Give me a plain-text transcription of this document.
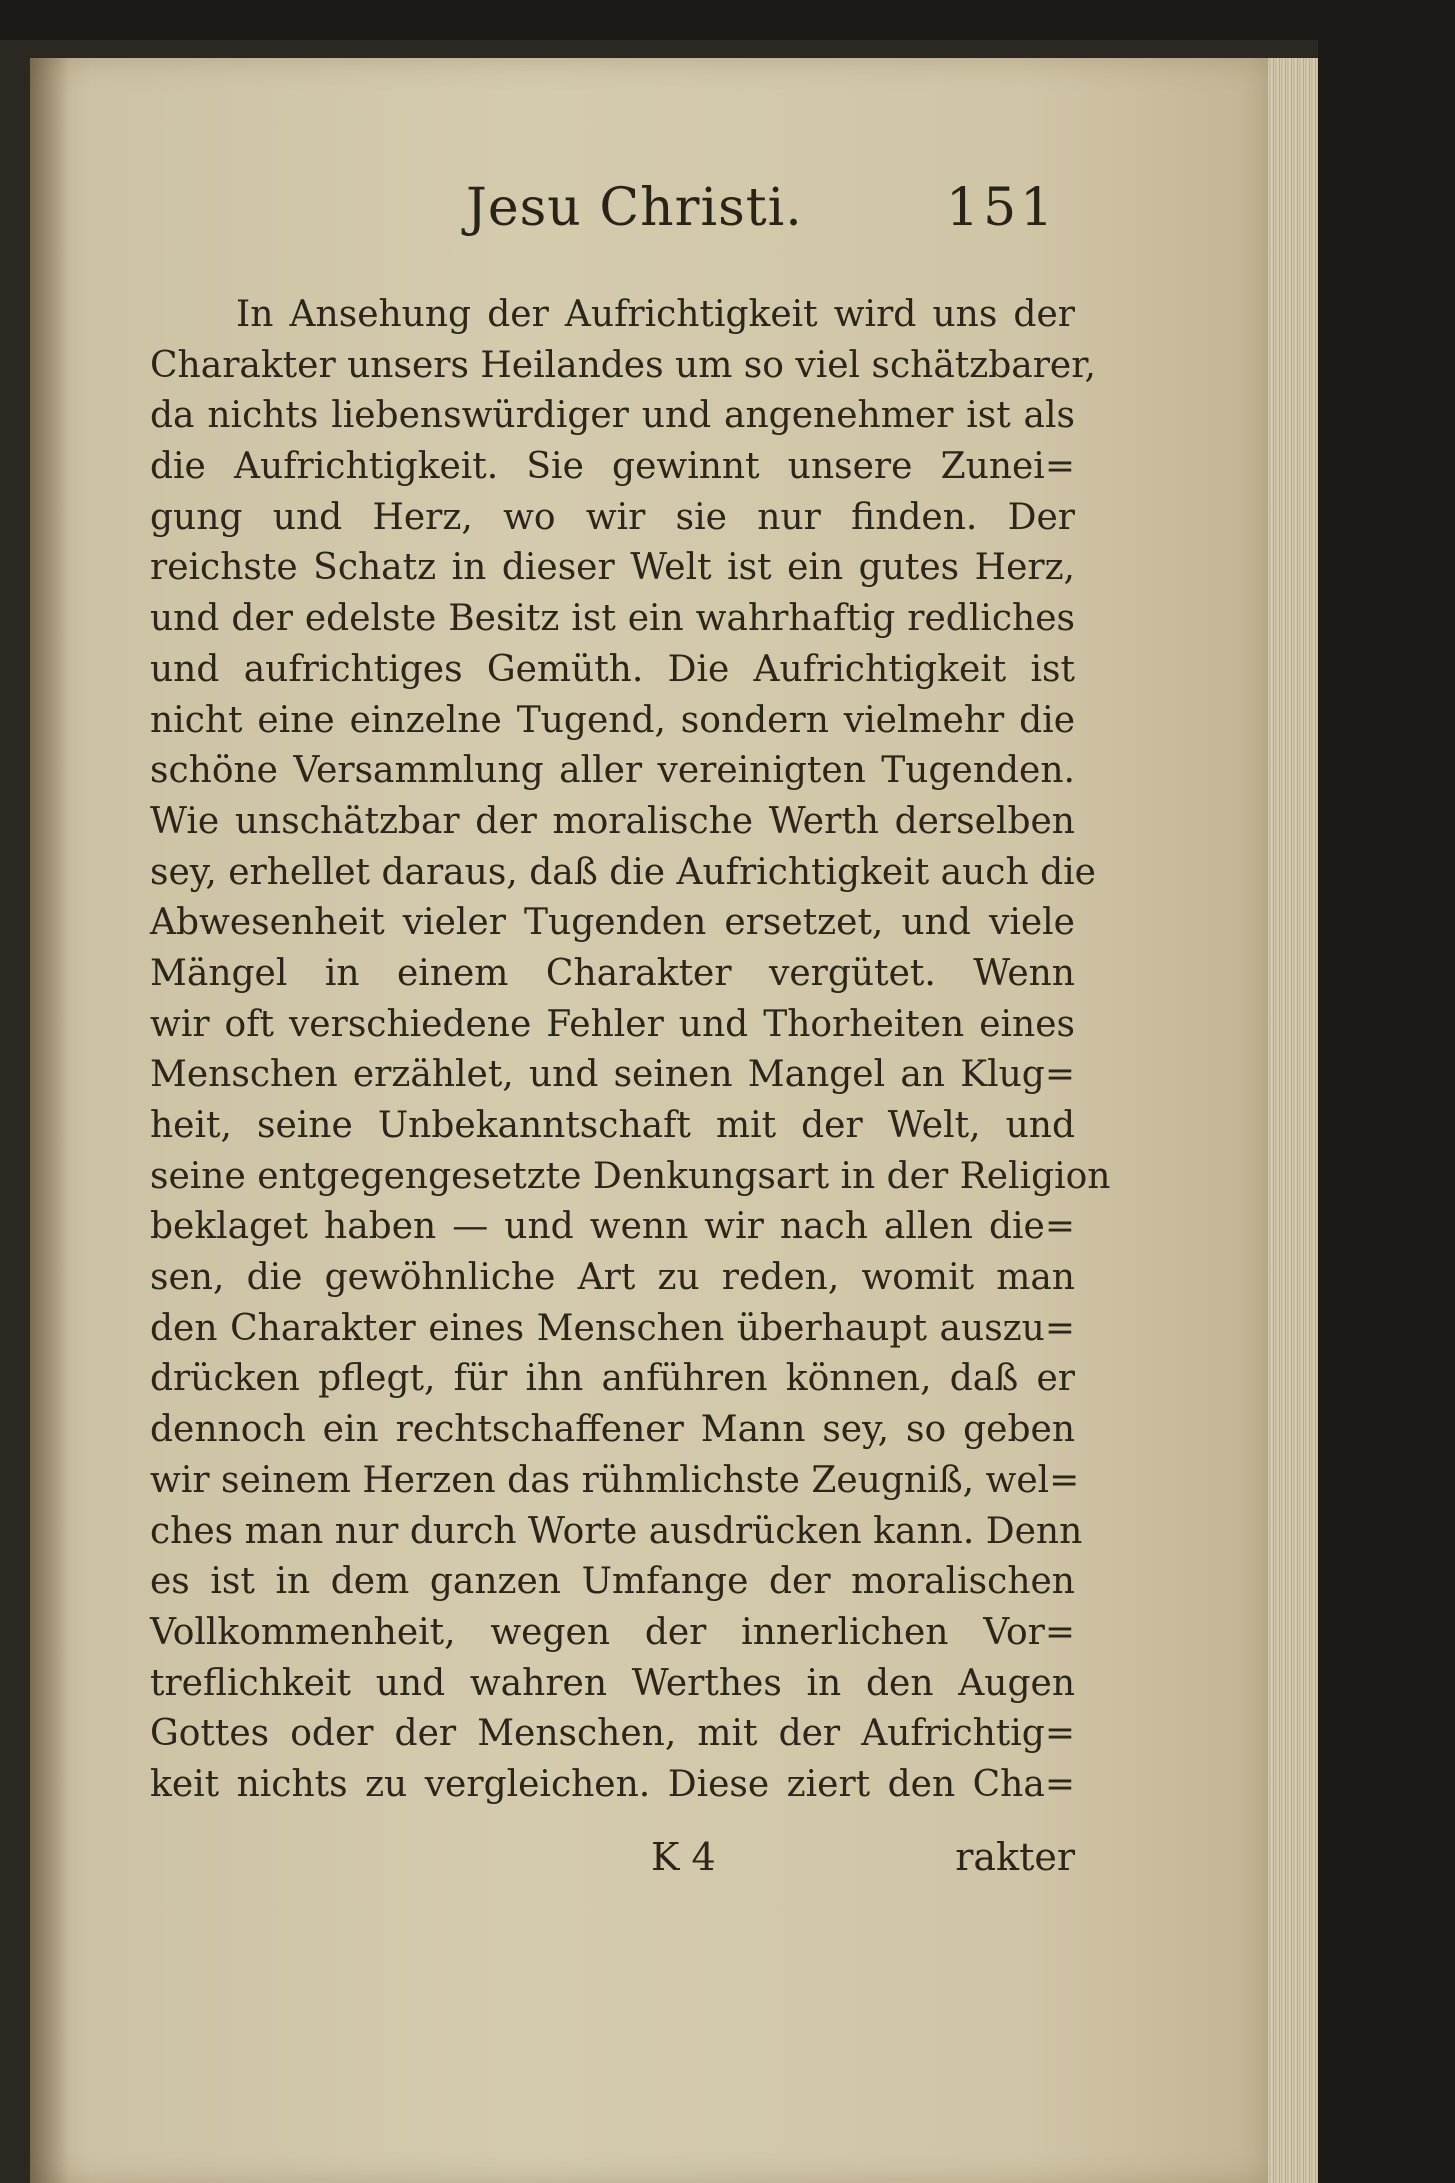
Jesu Christi.	151
In Ansehung der Aufrichtigkeit wird uns der
Charakter unsers Heilandes um so viel schätzbarer,
da nichts liebenswürdiger und angenehmer ist als
die Aufrichtigkeit. Sie gewinnt unsere Zunei=
gung und Herz, wo wir sie nur finden. Der
reichste Schatz in dieser Welt ist ein gutes Herz,
und der edelste Besitz ist ein wahrhaftig redliches
und aufrichtiges Gemüth. Die Aufrichtigkeit ist
nicht eine einzelne Tugend, sondern vielmehr die
schöne Versammlung aller vereinigten Tugenden.
Wie unschätzbar der moralische Werth derselben
sey, erhellet daraus, daß die Aufrichtigkeit auch die
Abwesenheit vieler Tugenden ersetzet, und viele
Mängel in einem Charakter vergütet. Wenn
wir oft verschiedene Fehler und Thorheiten eines
Menschen erzählet, und seinen Mangel an Klug=
heit, seine Unbekanntschaft mit der Welt, und
seine entgegengesetzte Denkungsart in der Religion
beklaget haben — und wenn wir nach allen die=
sen, die gewöhnliche Art zu reden, womit man
den Charakter eines Menschen überhaupt auszu=
drücken pflegt, für ihn anführen können, daß er
dennoch ein rechtschaffener Mann sey, so geben
wir seinem Herzen das rühmlichste Zeugniß, wel=
ches man nur durch Worte ausdrücken kann. Denn
es ist in dem ganzen Umfange der moralischen
Vollkommenheit, wegen der innerlichen Vor=
treflichkeit und wahren Werthes in den Augen
Gottes oder der Menschen, mit der Aufrichtig=
keit nichts zu vergleichen. Diese ziert den Cha=
K 4	rakter
